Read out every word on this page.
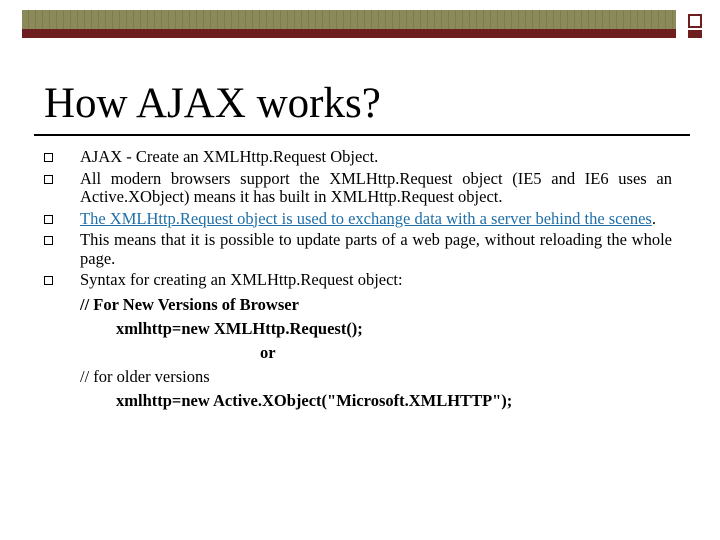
How AJAX works?
AJAX - Create an XMLHttp.Request Object.
All modern browsers support the XMLHttp.Request object (IE5 and IE6 uses an Active.XObject) means it has built in XMLHttp.Request object.
The XMLHttp.Request object is used to exchange data with a server behind the scenes.
This means that it is possible to update parts of a web page, without reloading the whole page.
Syntax for creating an XMLHttp.Request object:
// For New Versions of Browser
xmlhttp=new XMLHttp.Request();
or
// for older versions
xmlhttp=new Active.XObject("Microsoft.XMLHTTP");
